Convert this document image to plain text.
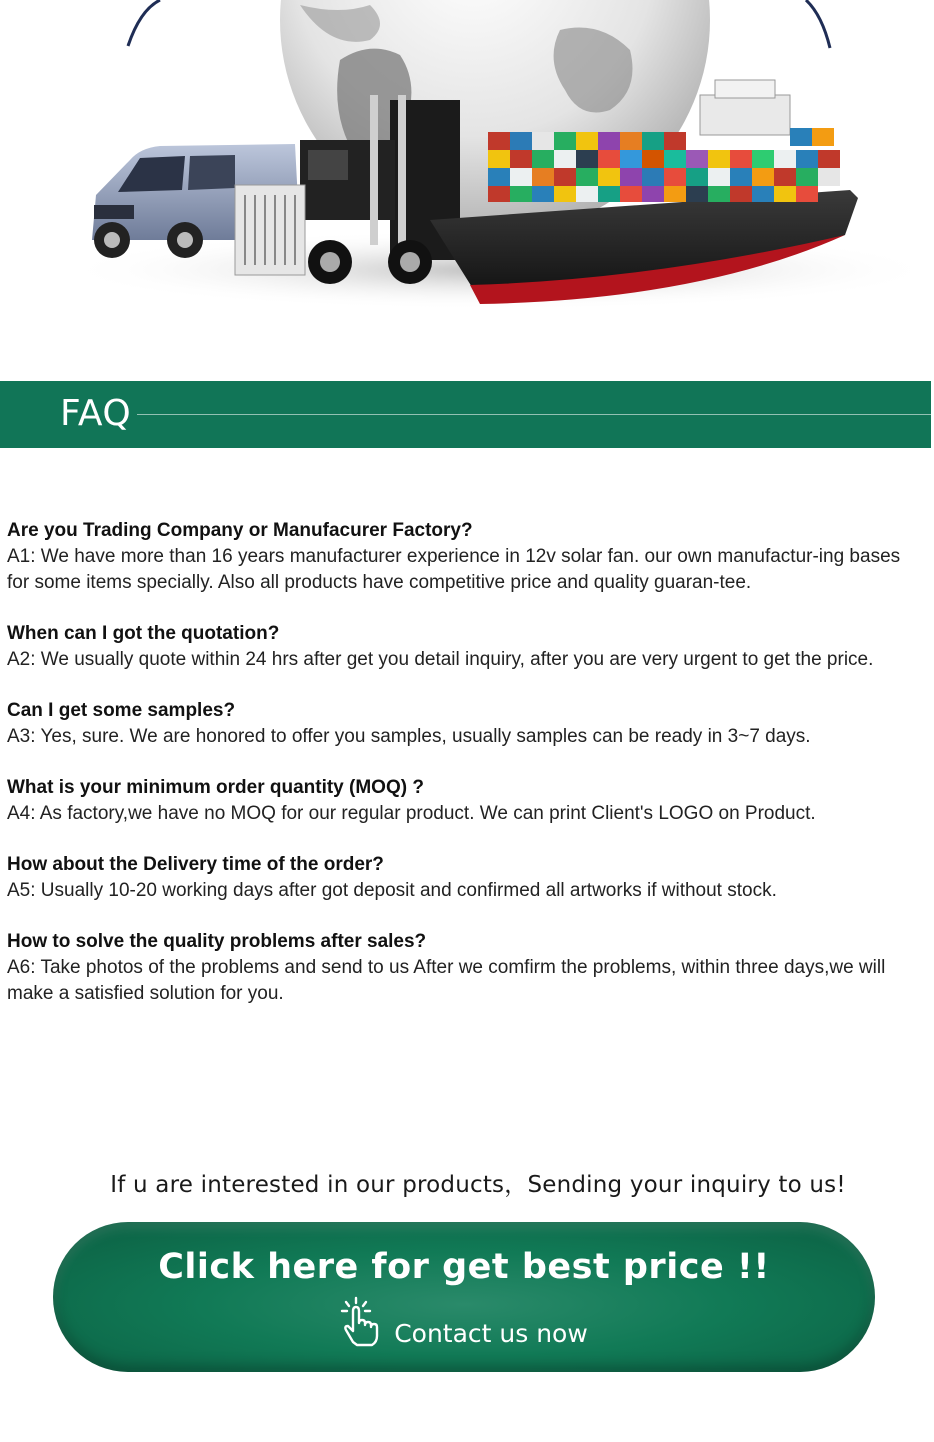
FAQ
Are you Trading Company or Manufacurer Factory?
A1: We have more than 16 years manufacturer experience in 12v solar fan. our own manufactur-ing bases for some items specially. Also all products have competitive price and quality guaran-tee.
When can I got the quotation?
A2: We usually quote within 24 hrs after get you detail inquiry, after you are very urgent to get the price.
Can I get some samples?
A3: Yes, sure. We are honored to offer you samples, usually samples can be ready in 3~7 days.
What is your minimum order quantity (MOQ) ?
A4: As factory,we have no MOQ for our regular product. We can print Client's LOGO on Product.
How about the Delivery time of the order?
A5: Usually 10-20 working days after got deposit and confirmed all artworks if without stock.
How to solve the quality problems after sales?
A6: Take photos of the problems and send to us After we comfirm the problems, within three days,we will make a satisfied solution for you.
If u are interested in our products，Sending your inquiry to us!
Click here for get best price !!
Contact us now
